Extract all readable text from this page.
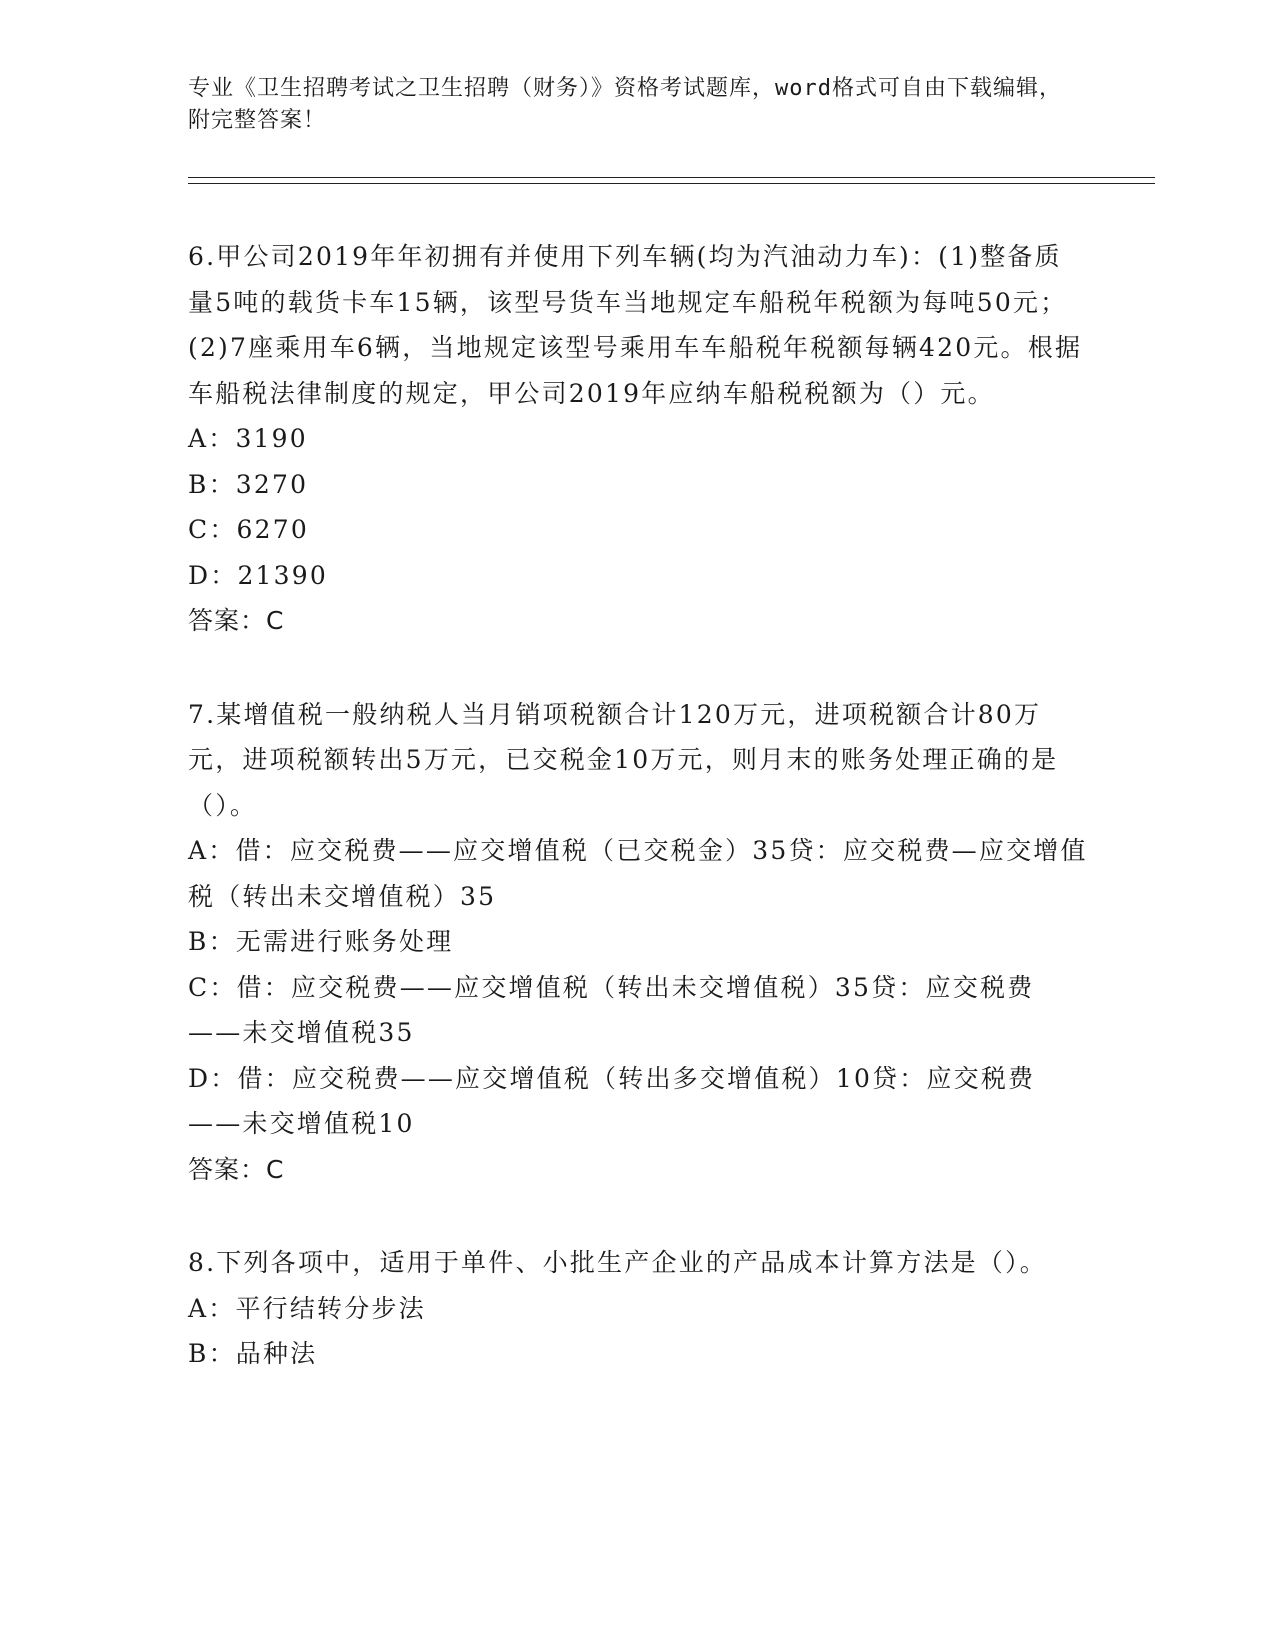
专业《卫生招聘考试之卫生招聘（财务）》资格考试题库，word格式可自由下载编辑，附完整答案！
6.甲公司2019年年初拥有并使用下列车辆(均为汽油动力车)：(1)整备质量5吨的载货卡车15辆，该型号货车当地规定车船税年税额为每吨50元；(2)7座乘用车6辆，当地规定该型号乘用车车船税年税额每辆420元。根据车船税法律制度的规定，甲公司2019年应纳车船税税额为（）元。
A：3190
B：3270
C：6270
D：21390
答案：C
7.某增值税一般纳税人当月销项税额合计120万元，进项税额合计80万元，进项税额转出5万元，已交税金10万元，则月末的账务处理正确的是（）。
A：借：应交税费——应交增值税（已交税金）35贷：应交税费—应交增值税（转出未交增值税）35
B：无需进行账务处理
C：借：应交税费——应交增值税（转出未交增值税）35贷：应交税费——未交增值税35
D：借：应交税费——应交增值税（转出多交增值税）10贷：应交税费——未交增值税10
答案：C
8.下列各项中，适用于单件、小批生产企业的产品成本计算方法是（）。
A：平行结转分步法
B：品种法
